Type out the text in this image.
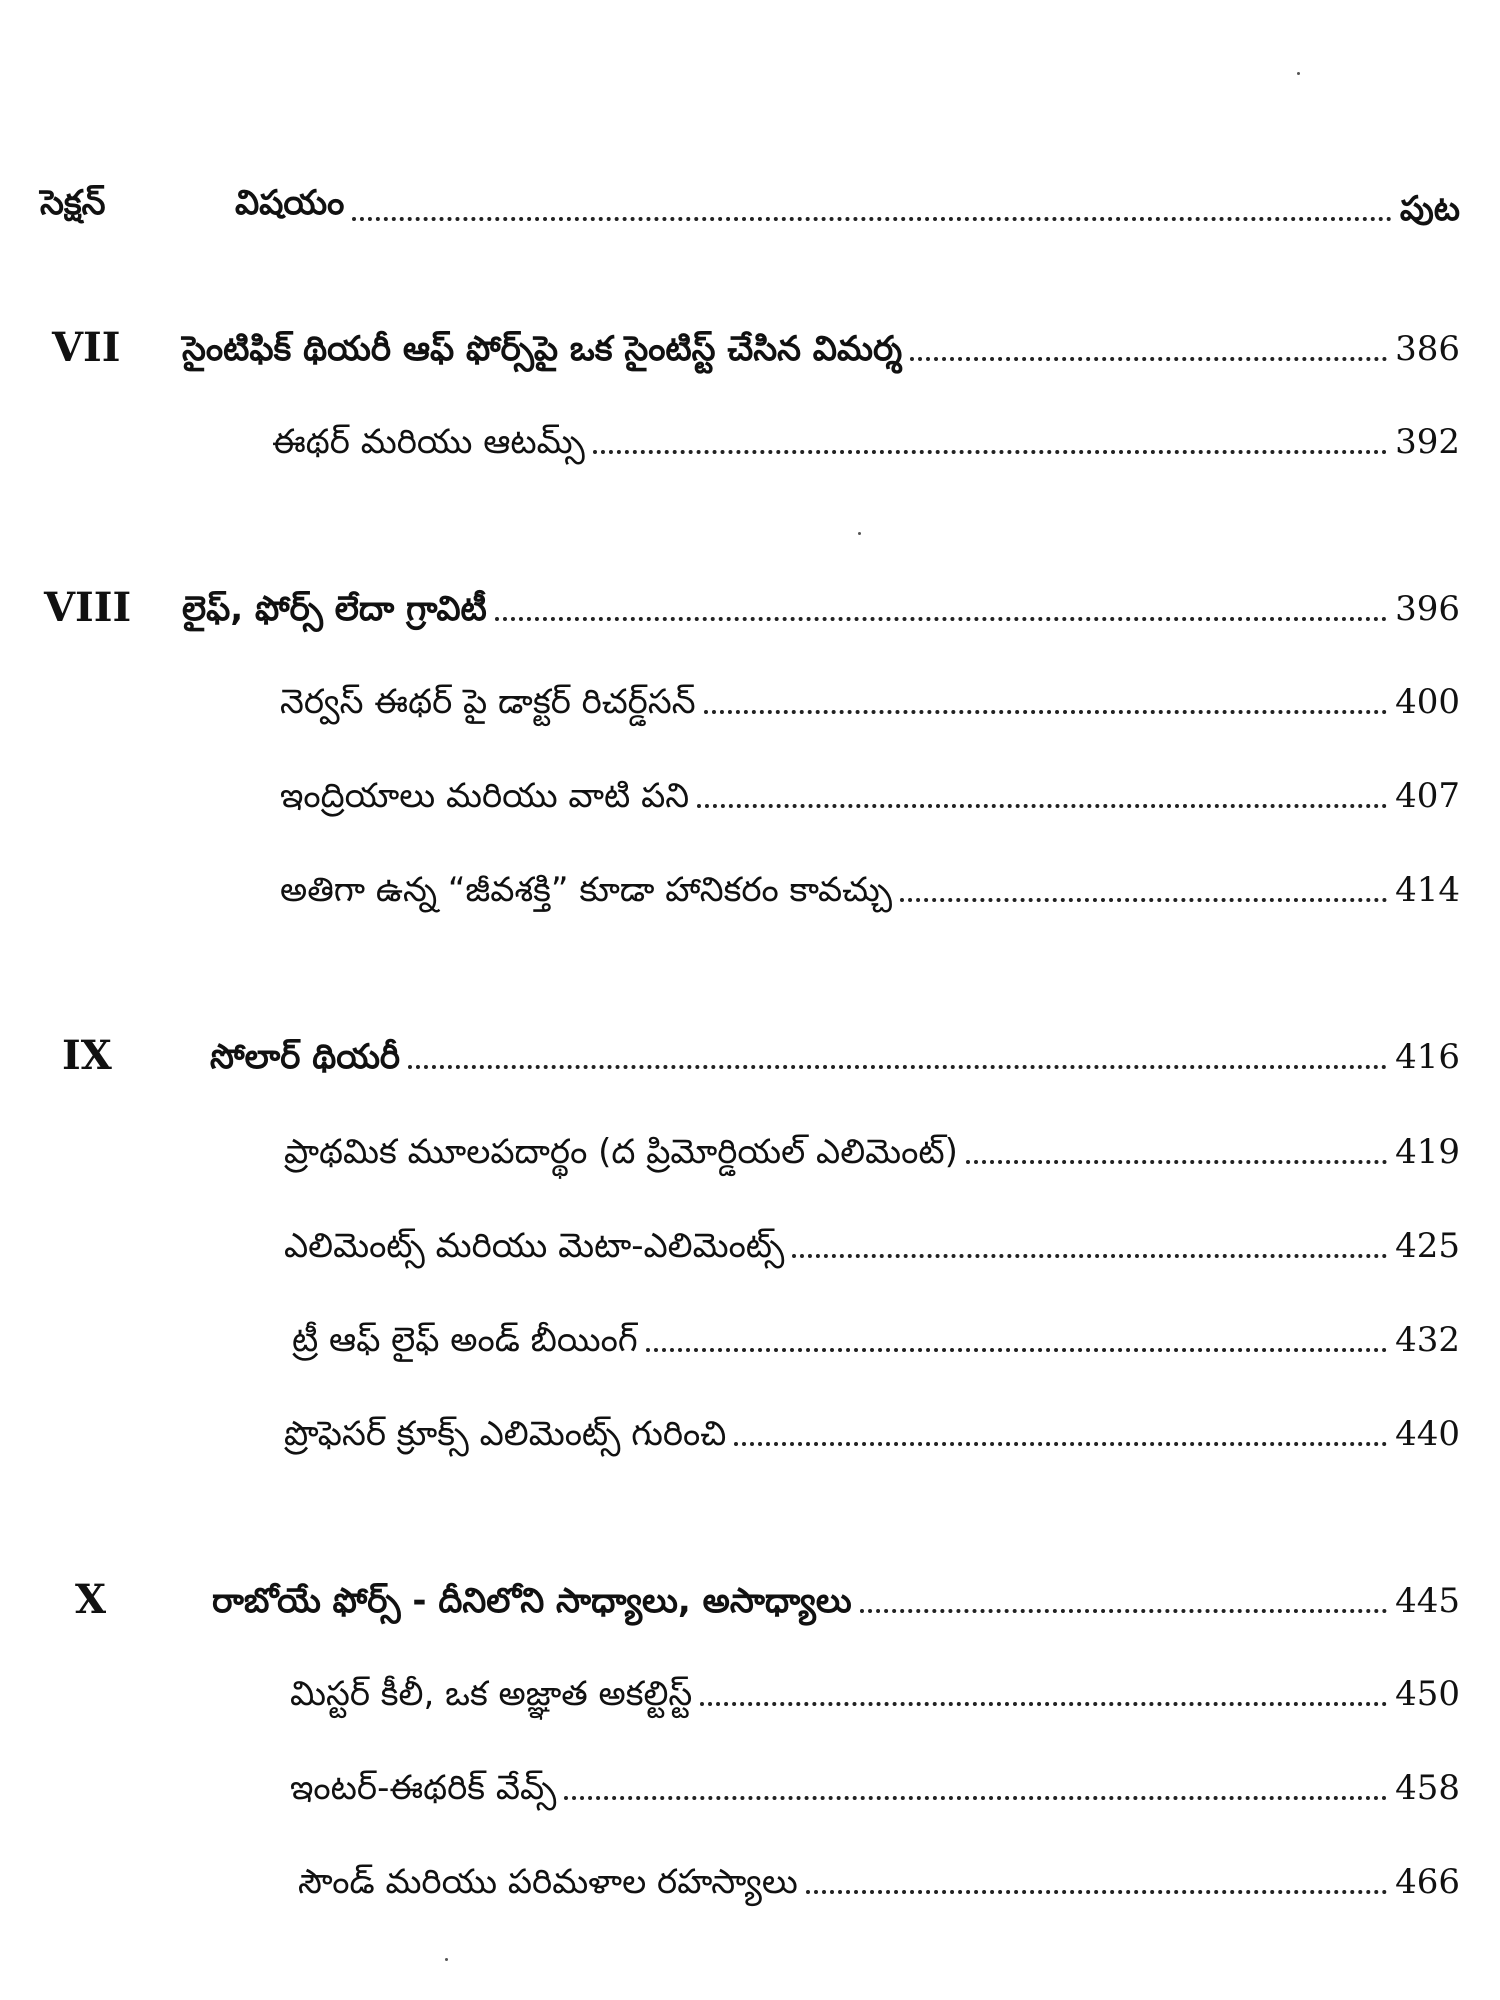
సెక్షన్	విషయం	పుట
VII సైంటిఫిక్ థియరీ ఆఫ్ ఫోర్స్‌పై ఒక సైంటిస్ట్ చేసిన విమర్శ	386
ఈథర్ మరియు ఆటమ్స్	392
VIII లైఫ్, ఫోర్స్ లేదా గ్రావిటీ	396
నెర్వస్ ఈథర్ పై డాక్టర్ రిచర్డ్‌సన్	400
ఇంద్రియాలు మరియు వాటి పని	407
అతిగా ఉన్న “జీవశక్తి” కూడా హానికరం కావచ్చు	414
IX	సోలార్ థియరీ	416
ప్రాథమిక మూలపదార్థం (ద ప్రిమోర్డియల్ ఎలిమెంట్)	419
ఎలిమెంట్స్ మరియు మెటా-ఎలిమెంట్స్	425
ట్రీ ఆఫ్ లైఫ్ అండ్ బీయింగ్	432
ప్రొఫెసర్ క్రూక్స్ ఎలిమెంట్స్ గురించి	440
X	రాబోయే ఫోర్స్ - దీనిలోని సాధ్యాలు, అసాధ్యాలు	445
మిస్టర్ కీలీ, ఒక అజ్ఞాత అకల్టిస్ట్	450
ఇంటర్-ఈథరిక్ వేవ్స్	458
సౌండ్ మరియు పరిమళాల రహస్యాలు	466
